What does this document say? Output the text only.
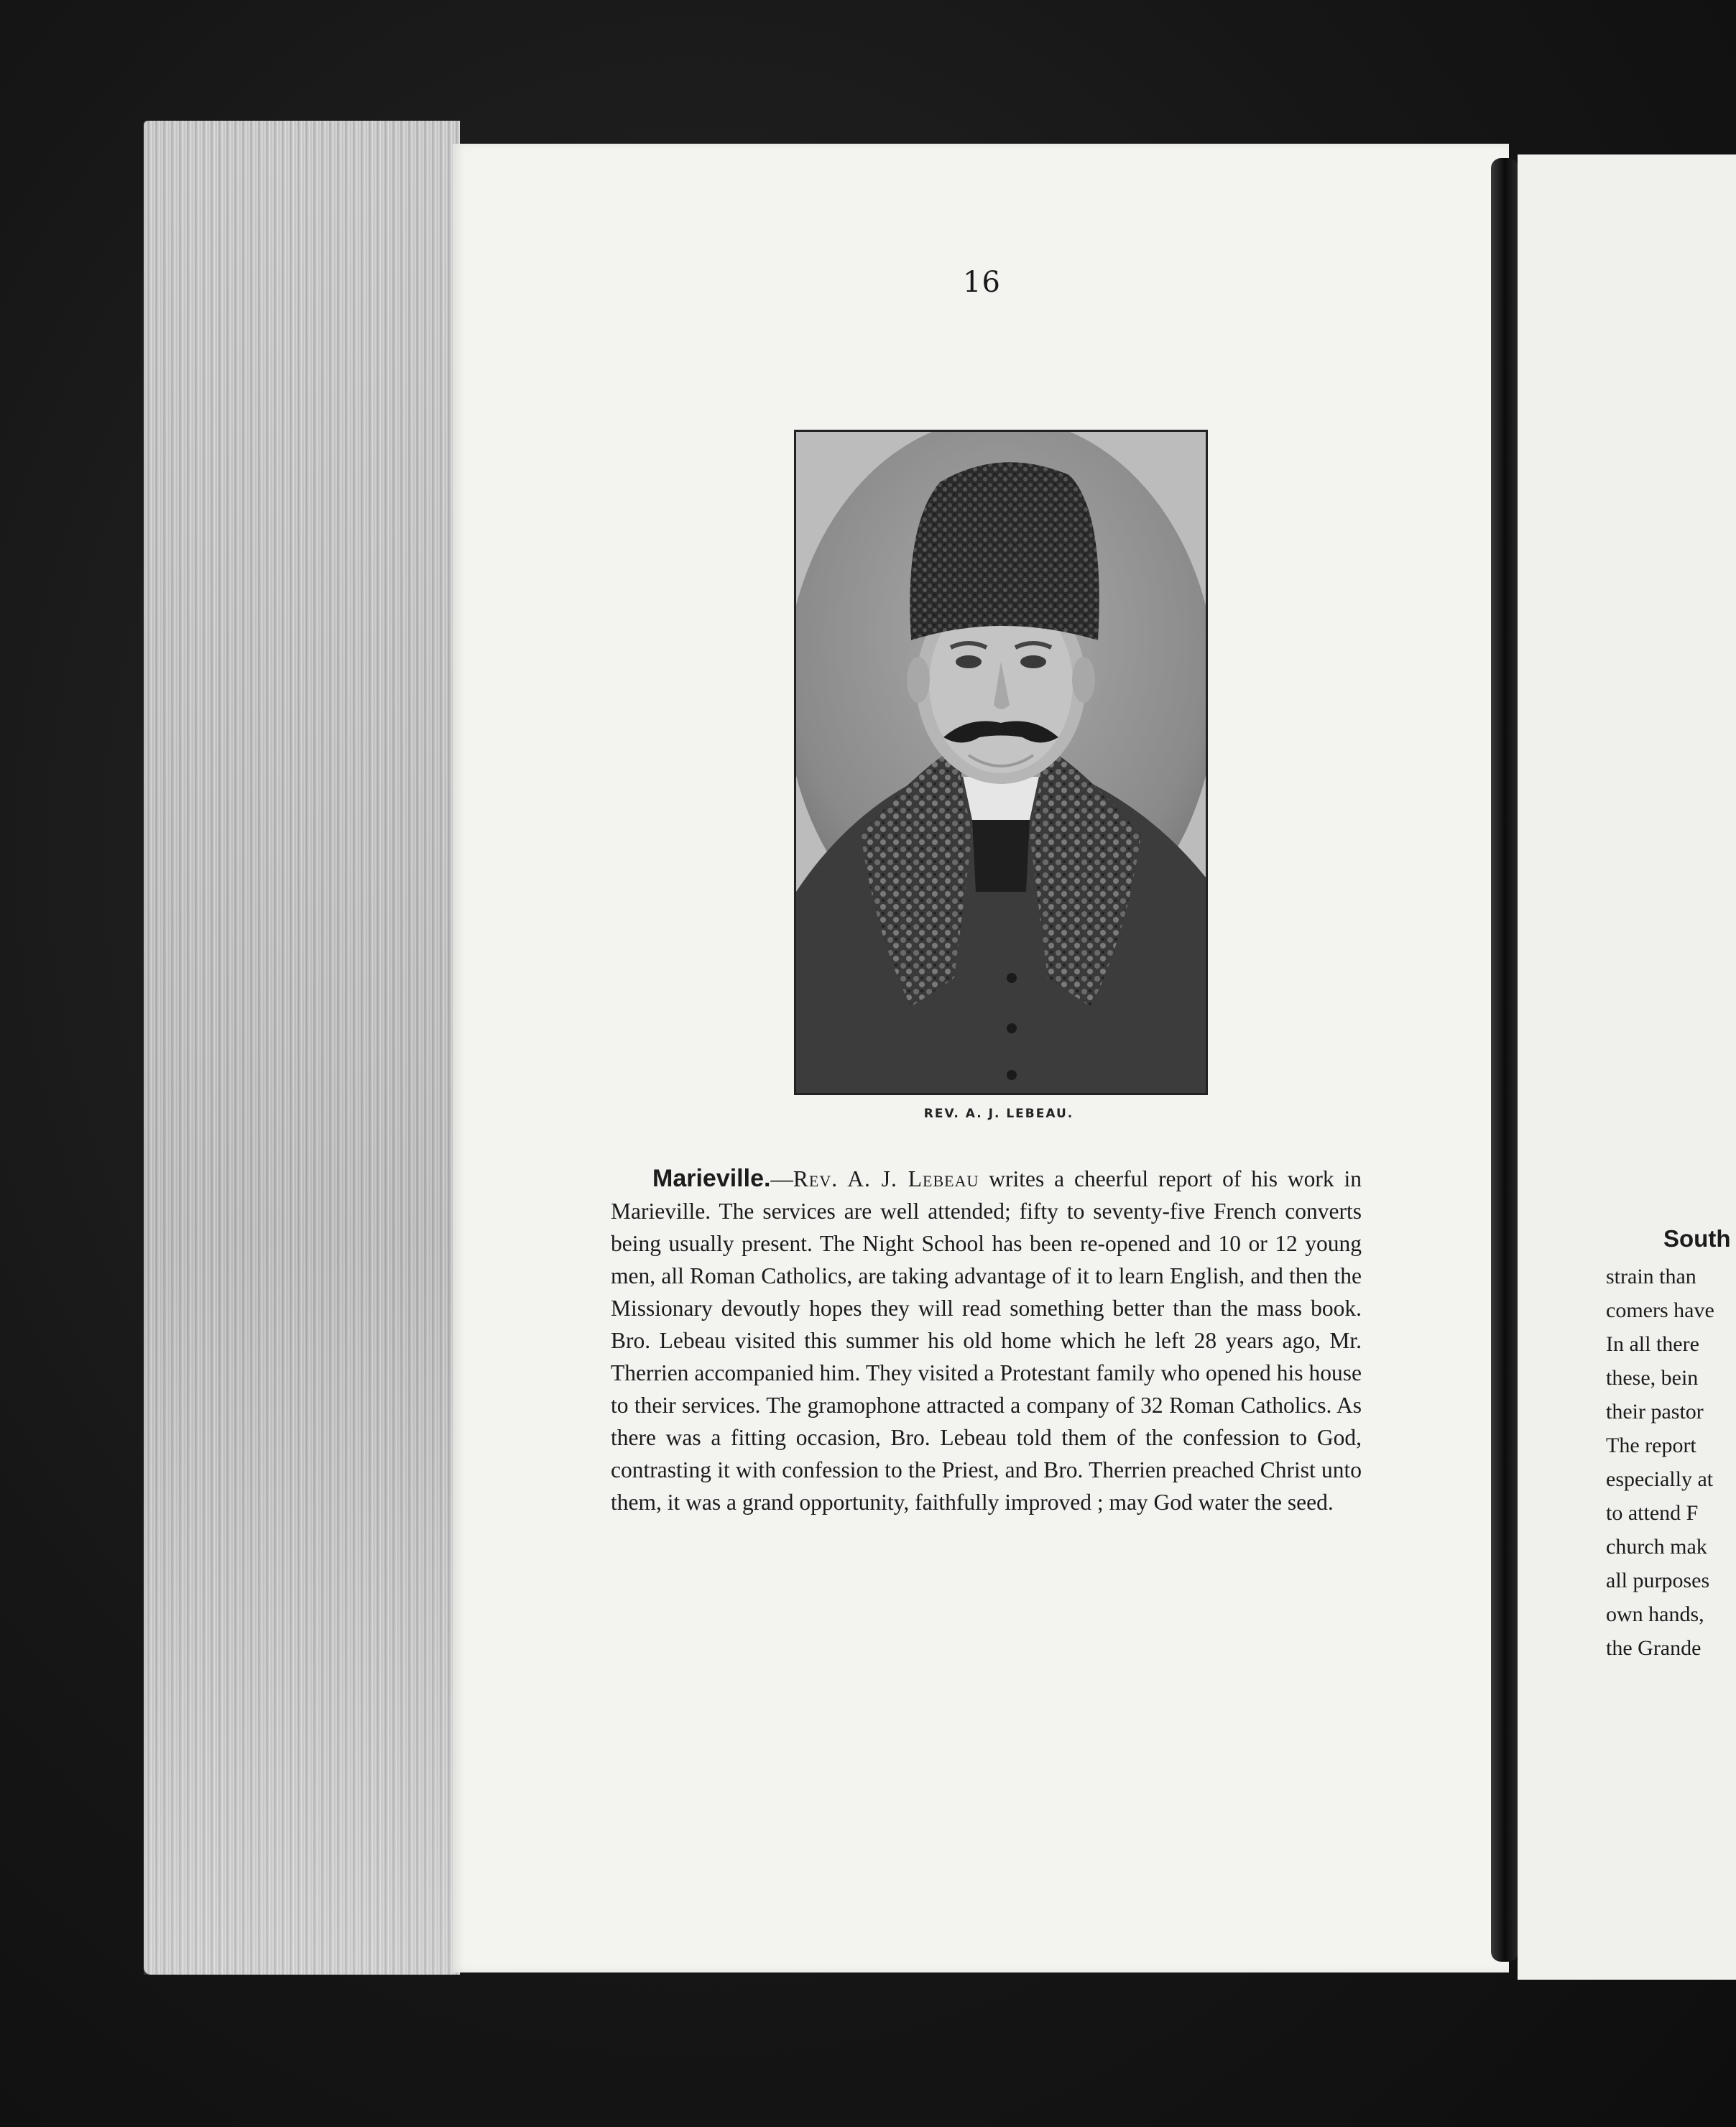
16
REV. A. J. LEBEAU.

Marieville.—Rev. A. J. Lebeau writes a cheerful report of his work in Marieville. The services are well attended; fifty to seventy-five French converts being usually present. The Night School has been re-opened and 10 or 12 young men, all Roman Catholics, are taking advantage of it to learn English, and then the Missionary devoutly hopes they will read something better than the mass book. Bro. Lebeau visited this summer his old home which he left 28 years ago, Mr. Therrien accompanied him. They visited a Protestant family who opened his house to their services. The gramophone attracted a company of 32 Roman Catholics. As there was a fitting occasion, Bro. Lebeau told them of the confession to God, contrasting it with confession to the Priest, and Bro. Therrien preached Christ unto them, it was a grand opportunity, faithfully improved ; may God water the seed.

South
strain than
comers have
In all there
these, bein
their pastor
The report
especially at
to attend F
church mak
all purposes
own hands,
the Grande
